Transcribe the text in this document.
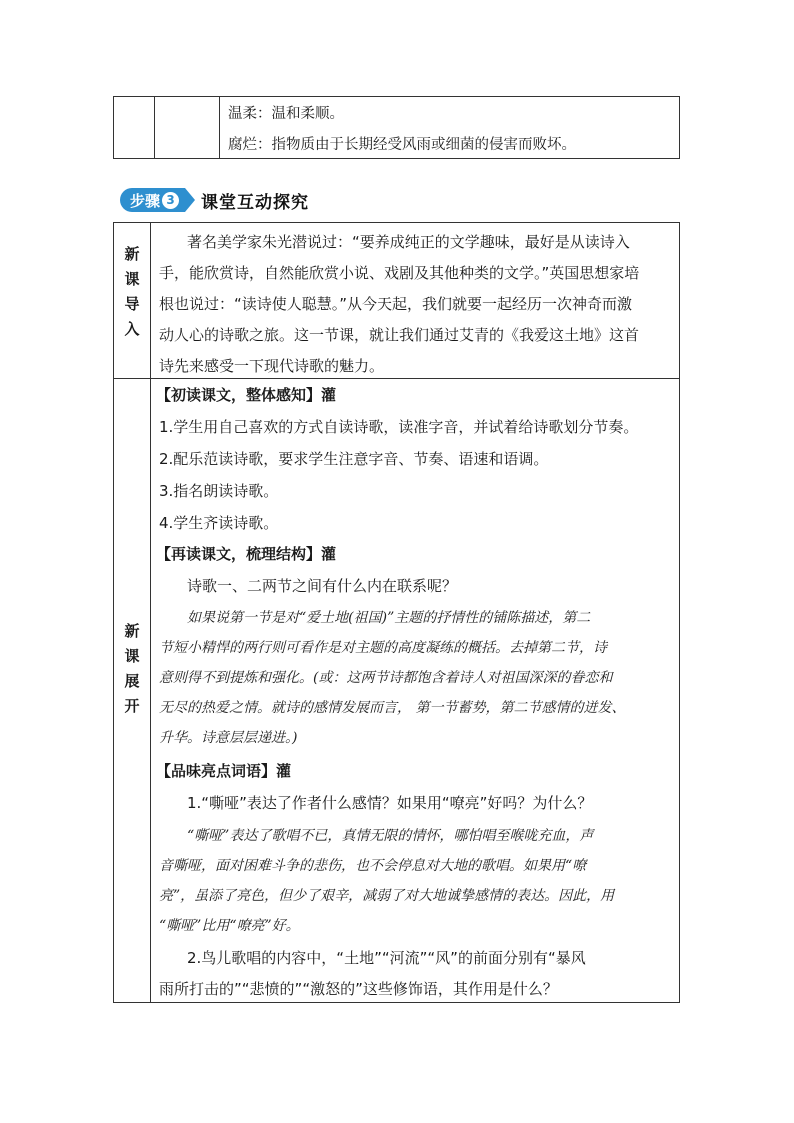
温柔：温和柔顺。
腐烂：指物质由于长期经受风雨或细菌的侵害而败坏。
步骤 3 课堂互动探究
新
课
导
入
著名美学家朱光潜说过：“要养成纯正的文学趣味，最好是从读诗入
手，能欣赏诗，自然能欣赏小说、戏剧及其他种类的文学。”英国思想家培
根也说过：“读诗使人聪慧。”从今天起，我们就要一起经历一次神奇而激
动人心的诗歌之旅。这一节课，就让我们通过艾青的《我爱这土地》这首
诗先来感受一下现代诗歌的魅力。
新
课
展
开
【初读课文，整体感知】灌
1.学生用自己喜欢的方式自读诗歌，读准字音，并试着给诗歌划分节奏。
2.配乐范读诗歌，要求学生注意字音、节奏、语速和语调。
3.指名朗读诗歌。
4.学生齐读诗歌。
【再读课文，梳理结构】灌
诗歌一、二两节之间有什么内在联系呢？
如果说第一节是对“爱土地(祖国)”主题的抒情性的铺陈描述，第二
节短小精悍的两行则可看作是对主题的高度凝练的概括。去掉第二节，诗
意则得不到提炼和强化。(或：这两节诗都饱含着诗人对祖国深深的眷恋和
无尽的热爱之情。就诗的感情发展而言， 第一节蓄势，第二节感情的迸发、
升华。诗意层层递进。)
【品味亮点词语】灌
1.“嘶哑”表达了作者什么感情？如果用“嘹亮”好吗？为什么？
“嘶哑”表达了歌唱不已，真情无限的情怀，哪怕唱至喉咙充血，声
音嘶哑，面对困难斗争的悲伤，也不会停息对大地的歌唱。如果用“嘹
亮”，虽添了亮色，但少了艰辛，减弱了对大地诚挚感情的表达。因此，用
“嘶哑”比用“嘹亮”好。
2.鸟儿歌唱的内容中，“土地”“河流”“风”的前面分别有“暴风
雨所打击的”“悲愤的”“激怒的”这些修饰语，其作用是什么？
